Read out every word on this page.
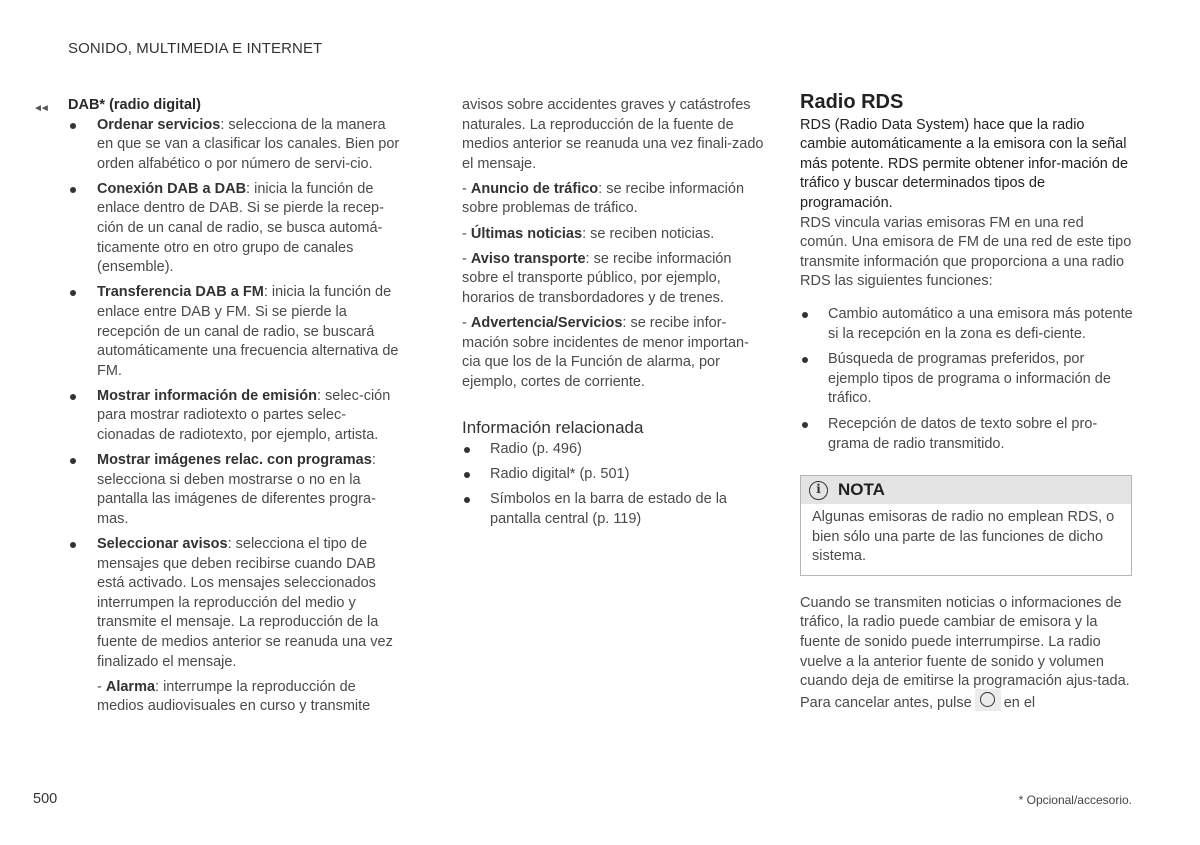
SONIDO, MULTIMEDIA E INTERNET
◄◄ DAB* (radio digital)
Ordenar servicios: selecciona de la manera en que se van a clasificar los canales. Bien por orden alfabético o por número de servi-cio.
Conexión DAB a DAB: inicia la función de enlace dentro de DAB. Si se pierde la recep-ción de un canal de radio, se busca automá-ticamente otro en otro grupo de canales (ensemble).
Transferencia DAB a FM: inicia la función de enlace entre DAB y FM. Si se pierde la recepción de un canal de radio, se buscará automáticamente una frecuencia alternativa de FM.
Mostrar información de emisión: selec-ción para mostrar radiotexto o partes selec-cionadas de radiotexto, por ejemplo, artista.
Mostrar imágenes relac. con programas: selecciona si deben mostrarse o no en la pantalla las imágenes de diferentes progra-mas.
Seleccionar avisos: selecciona el tipo de mensajes que deben recibirse cuando DAB está activado. Los mensajes seleccionados interrumpen la reproducción del medio y transmite el mensaje. La reproducción de la fuente de medios anterior se reanuda una vez finalizado el mensaje.

- Alarma: interrumpe la reproducción de medios audiovisuales en curso y transmite

avisos sobre accidentes graves y catástrofes naturales. La reproducción de la fuente de medios anterior se reanuda una vez finali-zado el mensaje.

- Anuncio de tráfico: se recibe información sobre problemas de tráfico.

- Últimas noticias: se reciben noticias.

- Aviso transporte: se recibe información sobre el transporte público, por ejemplo, horarios de transbordadores y de trenes.

- Advertencia/Servicios: se recibe infor-mación sobre incidentes de menor importan-cia que los de la Función de alarma, por ejemplo, cortes de corriente.

Información relacionada
Radio (p. 496)
Radio digital* (p. 501)
Símbolos en la barra de estado de la pantalla central (p. 119)
Radio RDS

RDS (Radio Data System) hace que la radio cambie automáticamente a la emisora con la señal más potente. RDS permite obtener infor-mación de tráfico y buscar determinados tipos de programación.

RDS vincula varias emisoras FM en una red común. Una emisora de FM de una red de este tipo transmite información que proporciona a una radio RDS las siguientes funciones:

Cambio automático a una emisora más potente si la recepción en la zona es defi-ciente.
Búsqueda de programas preferidos, por ejemplo tipos de programa o información de tráfico.
Recepción de datos de texto sobre el pro-grama de radio transmitido.
i	NOTA
Algunas emisoras de radio no emplean RDS, o bien sólo una parte de las funciones de dicho sistema.

Cuando se transmiten noticias o informaciones de tráfico, la radio puede cambiar de emisora y la fuente de sonido puede interrumpirse. La radio vuelve a la anterior fuente de sonido y volumen cuando deja de emitirse la programación ajus-tada. Para cancelar antes, pulse en el

500	* Opcional/accesorio.
